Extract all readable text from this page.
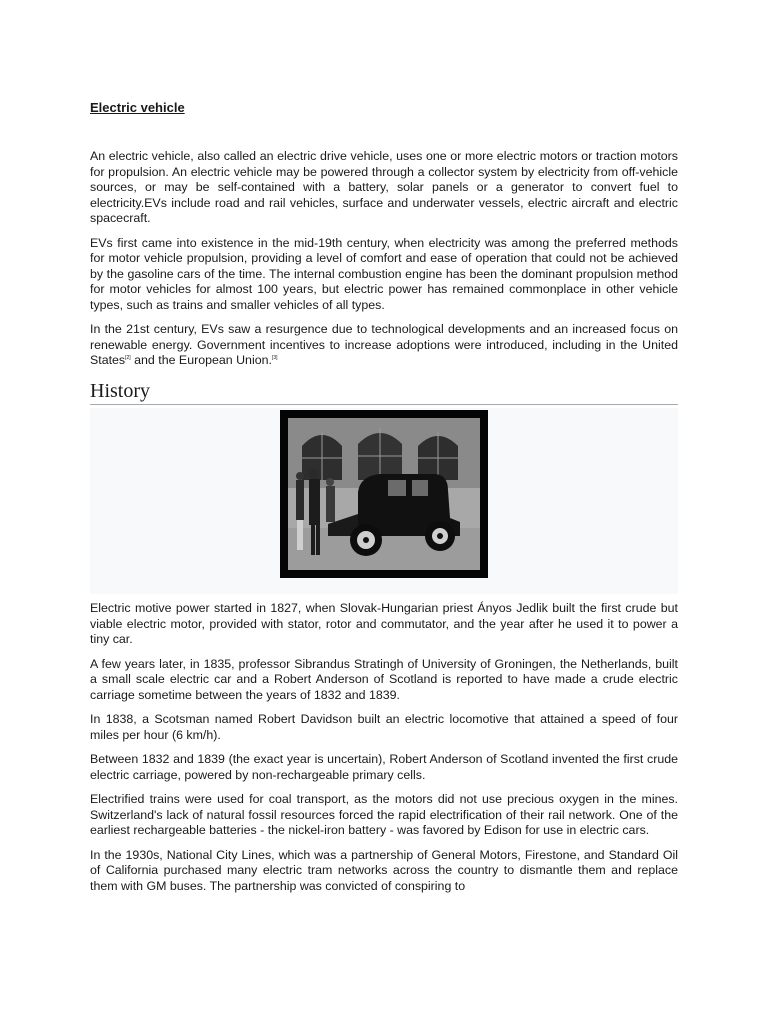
Electric vehicle

An electric vehicle, also called an electric drive vehicle, uses one or more electric motors or traction motors for propulsion. An electric vehicle may be powered through a collector system by electricity from off-vehicle sources, or may be self-contained with a battery, solar panels or a generator to convert fuel to electricity.EVs include road and rail vehicles, surface and underwater vessels, electric aircraft and electric spacecraft.

EVs first came into existence in the mid-19th century, when electricity was among the preferred methods for motor vehicle propulsion, providing a level of comfort and ease of operation that could not be achieved by the gasoline cars of the time. The internal combustion engine has been the dominant propulsion method for motor vehicles for almost 100 years, but electric power has remained commonplace in other vehicle types, such as trains and smaller vehicles of all types.

In the 21st century, EVs saw a resurgence due to technological developments and an increased focus on renewable energy. Government incentives to increase adoptions were introduced, including in the United States[2] and the European Union.[3]

History

Electric motive power started in 1827, when Slovak-Hungarian priest Ányos Jedlik built the first crude but viable electric motor, provided with stator, rotor and commutator, and the year after he used it to power a tiny car.

A few years later, in 1835, professor Sibrandus Stratingh of University of Groningen, the Netherlands, built a small scale electric car and a Robert Anderson of Scotland is reported to have made a crude electric carriage sometime between the years of 1832 and 1839.

In 1838, a Scotsman named Robert Davidson built an electric locomotive that attained a speed of four miles per hour (6 km/h).

Between 1832 and 1839 (the exact year is uncertain), Robert Anderson of Scotland invented the first crude electric carriage, powered by non-rechargeable primary cells.

Electrified trains were used for coal transport, as the motors did not use precious oxygen in the mines. Switzerland's lack of natural fossil resources forced the rapid electrification of their rail network. One of the earliest rechargeable batteries - the nickel-iron battery - was favored by Edison for use in electric cars.

In the 1930s, National City Lines, which was a partnership of General Motors, Firestone, and Standard Oil of California purchased many electric tram networks across the country to dismantle them and replace them with GM buses. The partnership was convicted of conspiring to
